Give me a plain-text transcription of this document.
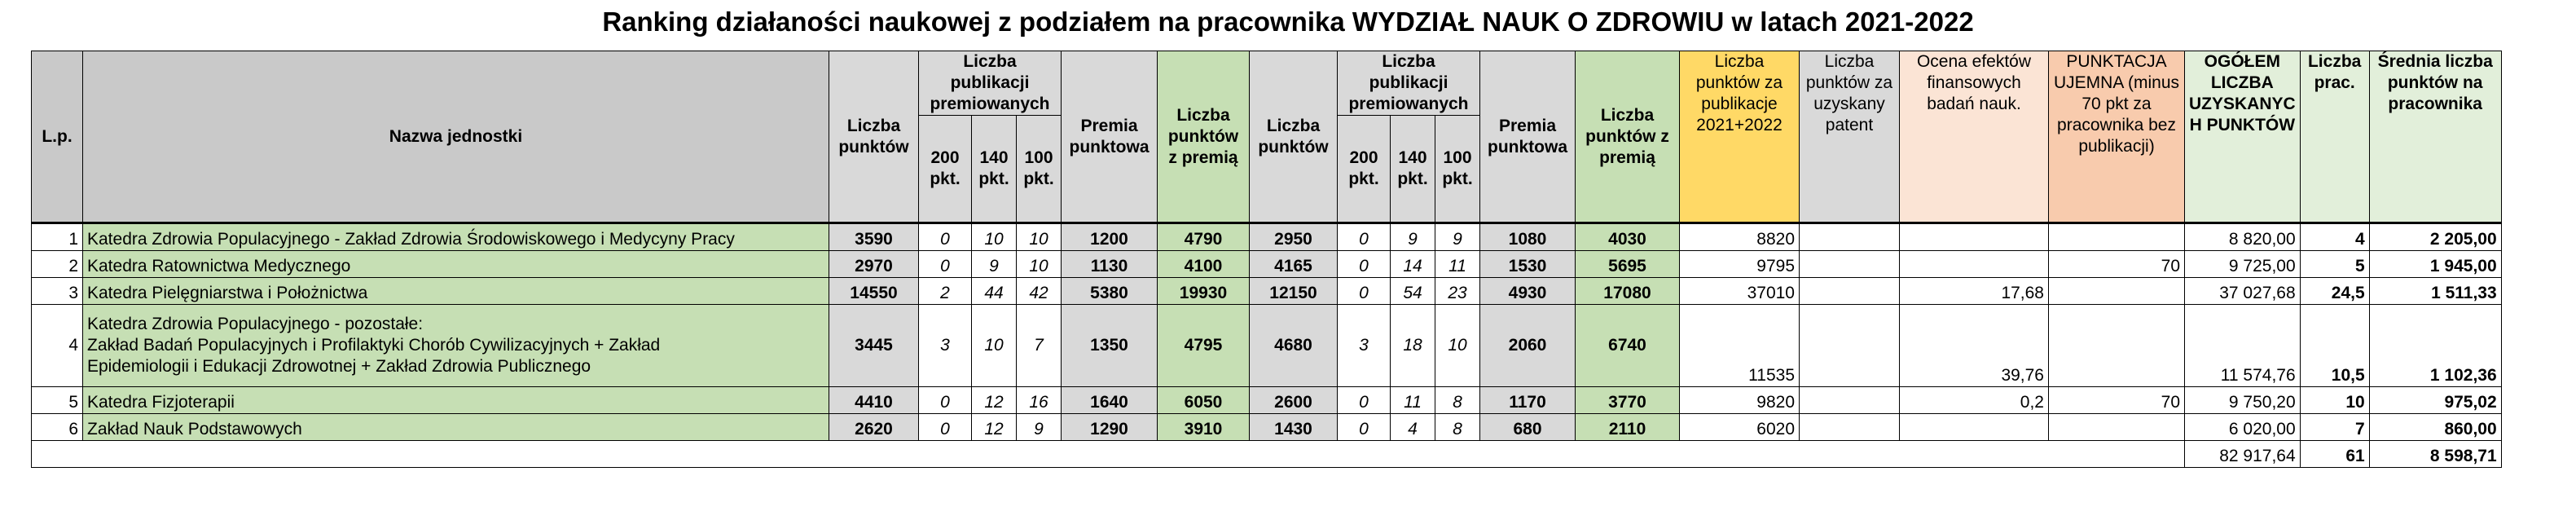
Ranking działaności naukowej z podziałem na pracownika WYDZIAŁ NAUK O ZDROWIU w latach 2021-2022
L.p.	Nazwa jednostki	Liczba punktów	Liczba publikacji premiowanych			Premia punktowa	Liczba punktów z premią	Liczba punktów	Liczba publikacji premiowanych			Premia punktowa	Liczba punktów z premią	Liczba punktów za publikacje 2021+2022	Liczba punktów za uzyskany patent	Ocena efektów finansowych badań nauk.	PUNKTACJA UJEMNA (minus 70 pkt za pracownika bez publikacji)	OGÓŁEM LICZBA UZYSKANYC H PUNKTÓW	Liczba prac.	Średnia liczba punktów na pracownika
			200 pkt.	140 pkt.	100 pkt.				200 pkt.	140 pkt.	100 pkt.									
1	Katedra Zdrowia Populacyjnego - Zakład Zdrowia Środowiskowego i Medycyny Pracy	3590	0	10	10	1200	4790	2950	0	9	9	1080	4030	8820				8 820,00	4	2 205,00
2	Katedra Ratownictwa Medycznego	2970	0	9	10	1130	4100	4165	0	14	11	1530	5695	9795			70	9 725,00	5	1 945,00
3	Katedra Pielęgniarstwa i Położnictwa	14550	2	44	42	5380	19930	12150	0	54	23	4930	17080	37010		17,68		37 027,68	24,5	1 511,33
4	Katedra Zdrowia Populacyjnego - pozostałe:
Zakład Badań Populacyjnych i Profilaktyki Chorób Cywilizacyjnych + Zakład
Epidemiologii i Edukacji Zdrowotnej + Zakład Zdrowia Publicznego	3445	3	10	7	1350	4795	4680	3	18	10	2060	6740	11535		39,76		11 574,76	10,5	1 102,36
5	Katedra Fizjoterapii	4410	0	12	16	1640	6050	2600	0	11	8	1170	3770	9820		0,2	70	9 750,20	10	975,02
6	Zakład Nauk Podstawowych	2620	0	12	9	1290	3910	1430	0	4	8	680	2110	6020				6 020,00	7	860,00
																		82 917,64	61	8 598,71
